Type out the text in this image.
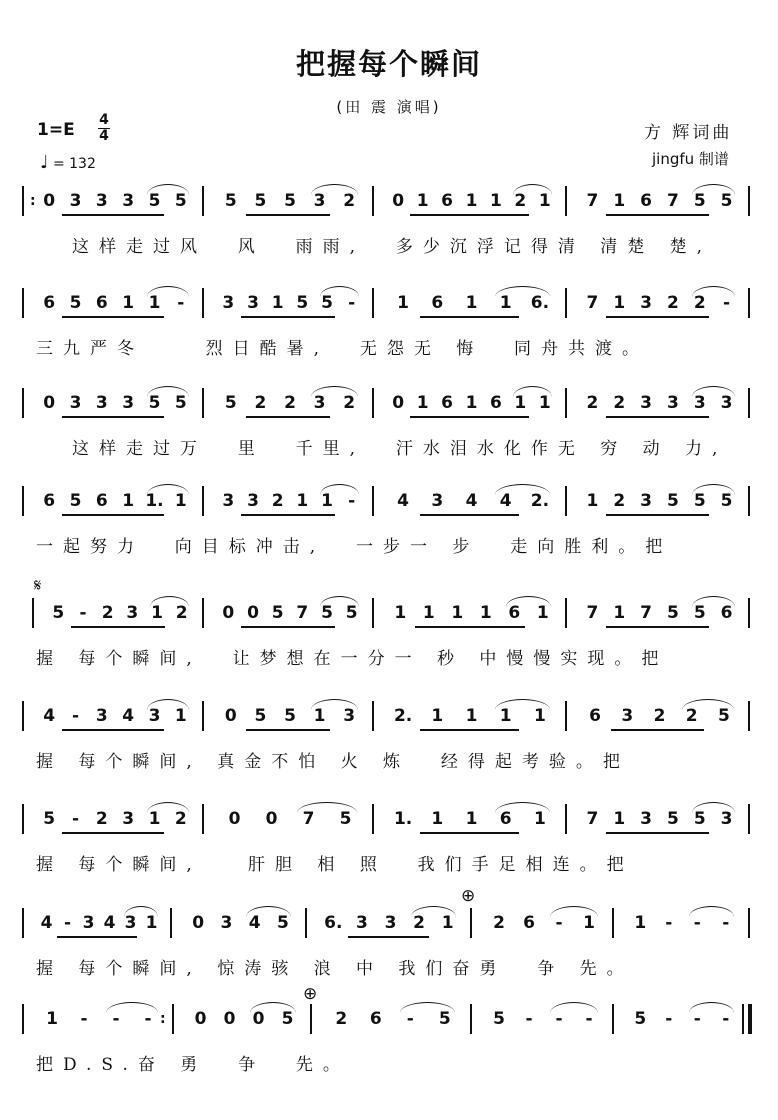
把握每个瞬间
(田 震 演唱)
1=E 4
4
♩ = 132
方 辉词曲
jingfu 制谱
0 3 3 3 5 5	5	5	5	3	2	0 1 6 1 1 2 1	7 1 6 7 5 5
这样走过风  风  雨雨,  多少沉浮记得清 清楚 楚,
6 5 6 1 1 -	3 3 1 5 5 -	1	6	1	1	6.	7 1 3 2 2	-
三九严冬    烈日酷暑,  无怨无 悔  同舟共渡。
0 3 3 3 5 5	5	2	2	3	2	0 1 6 1 6 1 1	2 2 3 3 3 3
这样走过万  里  千里,  汗水泪水化作无 穷 动 力,
6 5 6 1 1. 1	3 3 2 1 1 -	4	3	4	4	2.	1 2 3 5 5 5
一起努力  向目标冲击,  一步一 步  走向胜利。把
5 - 2 3 1 2	0 0 5 7 5 5	1 1 1 1 6 1	7 1 7 5 5 6
握 每个瞬间,  让梦想在一分一 秒 中慢慢实现。把
4 - 3 4 3 1	0	5	5	1	3	2.	1	1	1	1	6	3	2	2	5
握 每个瞬间, 真金不怕 火 炼  经得起考验。把
5 - 2 3 1 2	0	0	7	5	1.	1	1	6	1	7 1 3 5 5 3
握 每个瞬间,   肝胆 相 照  我们手足相连。把
4 - 3 4 3 1	0 3 4 5	6. 3 3 2 1	2	6	-	1	1	-	-	-
握 每个瞬间, 惊涛骇 浪 中 我们奋勇  争 先。
1	-	-	-	0	0	0	5	2	6	-	5	5	-	-	-	5	-	-	-
把D.S.奋 勇  争  先。
:
𝄋
⊕
⊕
:
